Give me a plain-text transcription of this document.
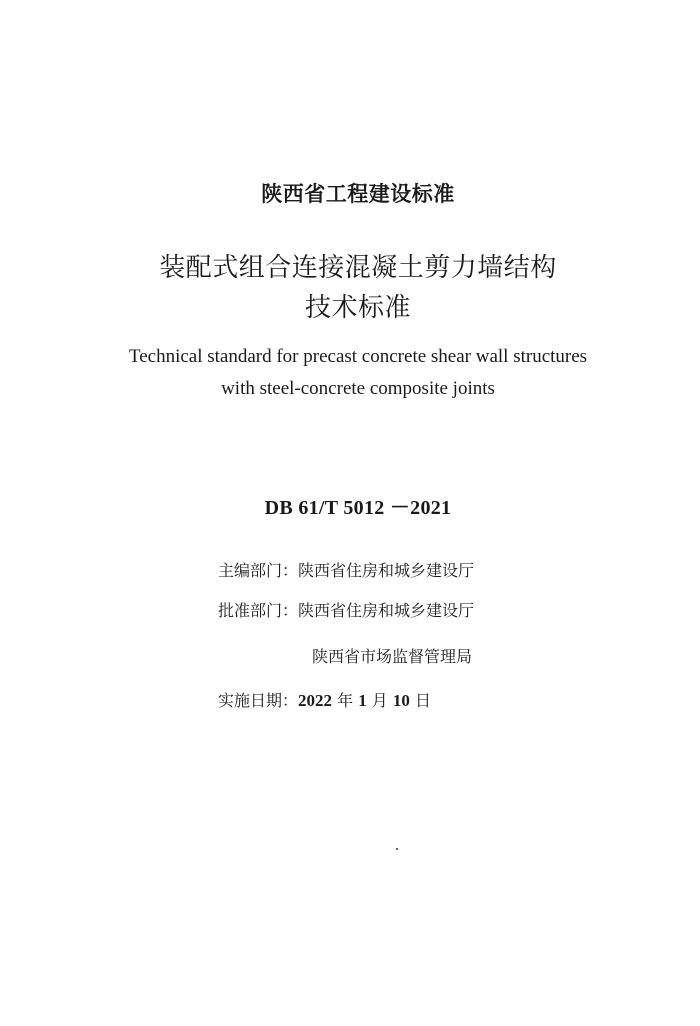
陕西省工程建设标准
装配式组合连接混凝土剪力墙结构
技术标准
Technical standard for precast concrete shear wall structures
with steel-concrete composite joints
DB 61/T 5012 －2021
主编部门：陕西省住房和城乡建设厅
批准部门：陕西省住房和城乡建设厅
陕西省市场监督管理局
实施日期：2022 年 1 月 10 日
